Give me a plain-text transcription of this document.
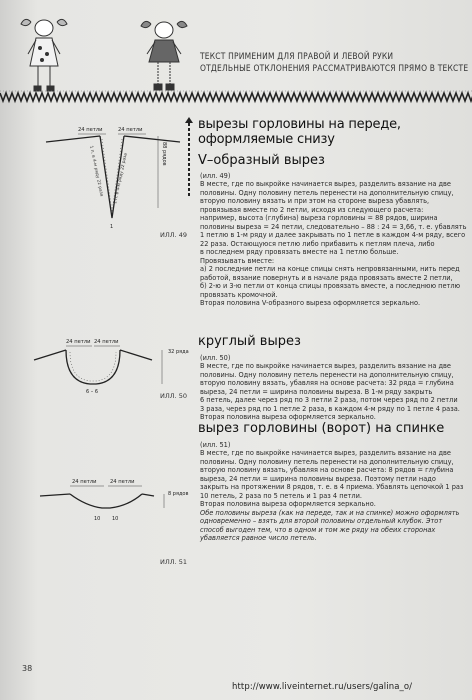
ТЕКСТ ПРИМЕНИМ ДЛЯ ПРАВОЙ И ЛЕВОЙ РУКИ
ОТДЕЛЬНЫЕ ОТКЛОНЕНИЯ РАССМАТРИВАЮТСЯ ПРЯМО В ТЕКСТЕ
вырезы горловины на переде,
оформляемые снизу
V–образный вырез
(илл. 49)
В месте, где по выкройке начинается вырез, разделить вязание на две
половины. Одну половину петель перенести на дополнительную спицу,
вторую половину вязать и при этом на стороне выреза убавлять,
провязывая вместе по 2 петли, исходя из следующего расчета:
например, высота (глубина) выреза горловины = 88 рядов, ширина
половины выреза = 24 петли, следовательно – 88 : 24 = 3,66, т. е. убавлять
1 петлю в 1-м ряду и далее закрывать по 1 петле в каждом 4-м ряду, всего
22 раза. Остающуюся петлю либо прибавить к петлям плеча, либо
в последнем ряду провязать вместе на 1 петлю больше.
Провязывать вместе:
а) 2 последние петли на конце спицы снять непровязанными, нить перед
работой, вязание повернуть и в начале ряда провязать вместе 2 петли,
б) 2-ю и 3-ю петли от конца спицы провязать вместе, а последнюю петлю
провязать кромочной.
Вторая половина V-образного выреза оформляется зеркально.
24 петли	24 петли
88 рядов
1 п. в 4-м ряду 22 раза 1 п. в 4-м ряду 22 раза
1
ИЛЛ. 49
круглый вырез
(илл. 50)
В месте, где по выкройке начинается вырез, разделить вязание на две
половины. Одну половину петель перенести на дополнительную спицу,
вторую половину вязать, убавляя на основе расчета: 32 ряда = глубина
выреза, 24 петли = ширина половины выреза. В 1-м ряду закрыть
6 петель, далее через ряд по 3 петли 2 раза, потом через ряд по 2 петли
3 раза, через ряд по 1 петле 2 раза, в каждом 4-м ряду по 1 петле 4 раза.
Вторая половина выреза оформляется зеркально.
24 петли 24 петли
32 ряда
6 – 6	ИЛЛ. 50
вырез горловины (ворот) на спинке
(илл. 51)
В месте, где по выкройке начинается вырез, разделить вязание на две
половины. Одну половину петель перенести на дополнительную спицу,
вторую половину вязать, убавляя на основе расчета: 8 рядов = глубина
выреза, 24 петли = ширина половины выреза. Поэтому петли надо
закрыть на протяжении 8 рядов, т. е. в 4 приема. Убавлять цепочкой 1 раз
10 петель, 2 раза по 5 петель и 1 раз 4 петли.
Вторая половина выреза оформляется зеркально.
Обе половины выреза (как на переде, так и на спинке) можно оформлять
одновременно – взять для второй половины отдельный клубок. Этот
способ выгоден тем, что в одном и том же ряду на обеих сторонах
убавляется равное число петель.
24 петли	24 петли
8 рядов
10 10
ИЛЛ. 51
38
http://www.liveinternet.ru/users/galina_o/
